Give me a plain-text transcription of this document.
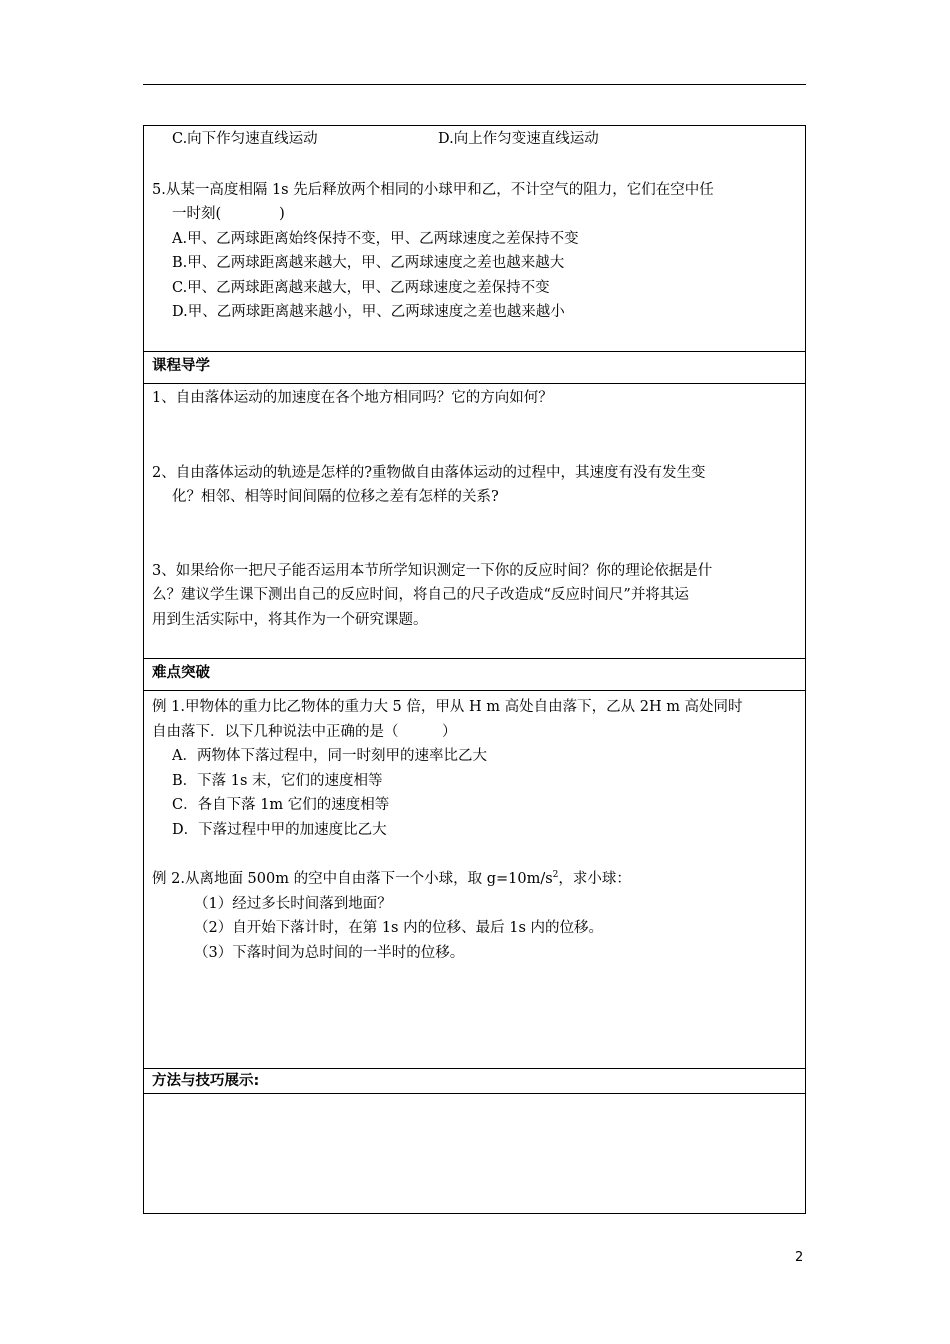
C.向下作匀速直线运动	D.向上作匀变速直线运动
5.从某一高度相隔 1s 先后释放两个相同的小球甲和乙，不计空气的阻力，它们在空中任
一时刻(　　　　)
A.甲、乙两球距离始终保持不变，甲、乙两球速度之差保持不变
B.甲、乙两球距离越来越大，甲、乙两球速度之差也越来越大
C.甲、乙两球距离越来越大，甲、乙两球速度之差保持不变
D.甲、乙两球距离越来越小，甲、乙两球速度之差也越来越小
课程导学
1、自由落体运动的加速度在各个地方相同吗？它的方向如何？
2、自由落体运动的轨迹是怎样的?重物做自由落体运动的过程中，其速度有没有发生变
化？相邻、相等时间间隔的位移之差有怎样的关系?
3、如果给你一把尺子能否运用本节所学知识测定一下你的反应时间？你的理论依据是什
么？建议学生课下测出自己的反应时间，将自己的尺子改造成“反应时间尺”并将其运
用到生活实际中，将其作为一个研究课题。
难点突破
例 1.甲物体的重力比乙物体的重力大 5 倍，甲从 H m 高处自由落下，乙从 2H m 高处同时
自由落下．以下几种说法中正确的是（　　　）
A．两物体下落过程中，同一时刻甲的速率比乙大
B．下落 1s 末，它们的速度相等
C．各自下落 1m 它们的速度相等
D．下落过程中甲的加速度比乙大
例 2.从离地面 500m 的空中自由落下一个小球，取 $g=10m/s^2$，求小球：
（1）经过多长时间落到地面？
（2）自开始下落计时，在第 1s 内的位移、最后 1s 内的位移。
（3）下落时间为总时间的一半时的位移。
方法与技巧展示:
2
